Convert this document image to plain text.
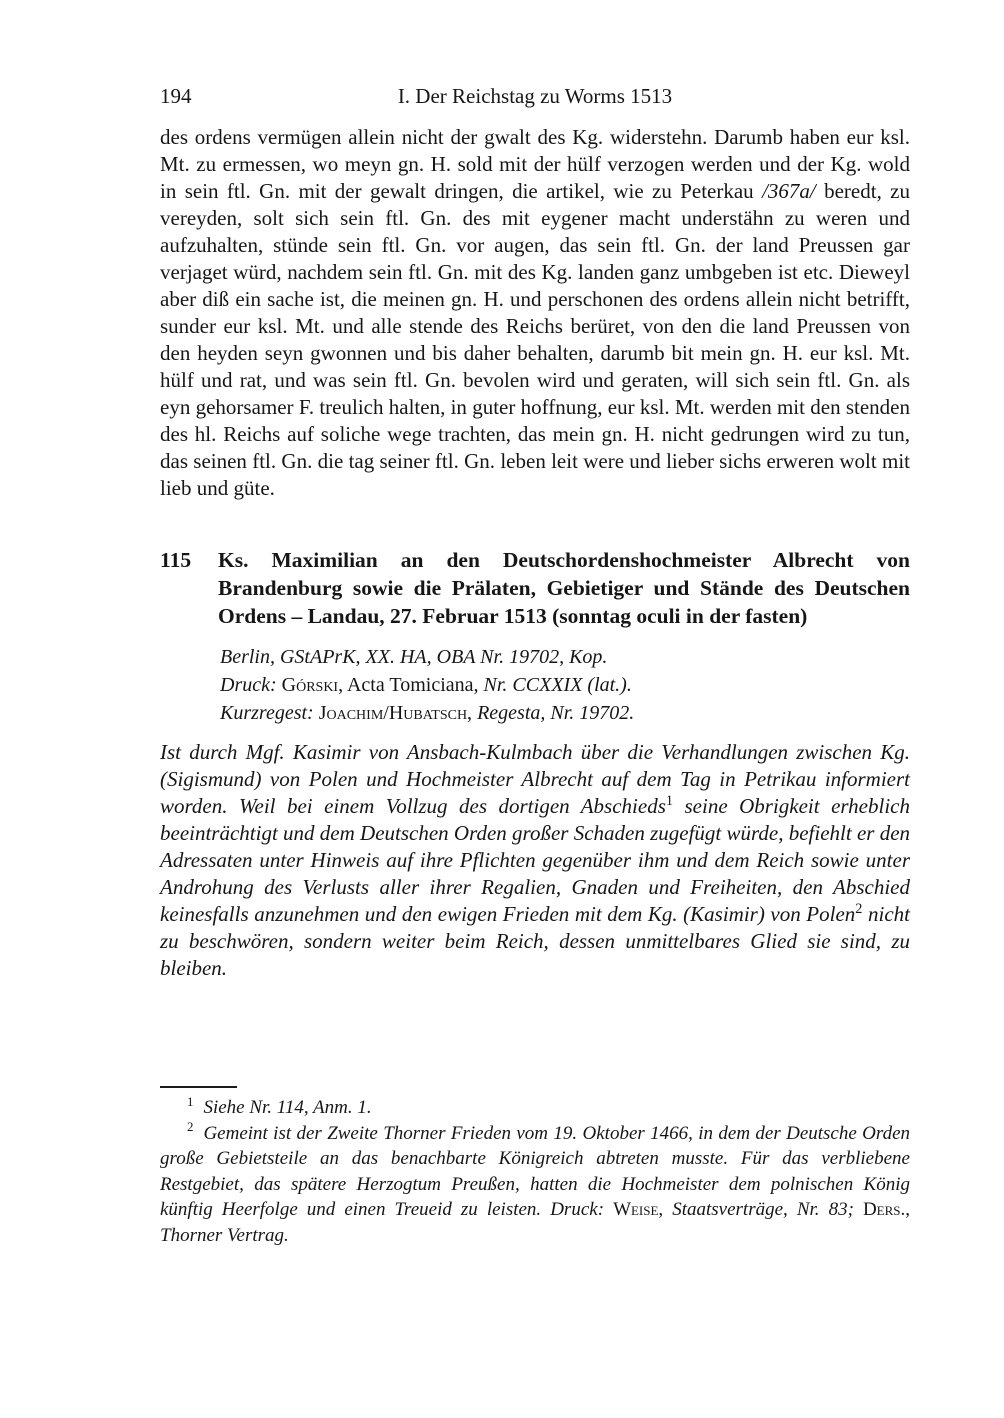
194	I. Der Reichstag zu Worms 1513

des ordens vermügen allein nicht der gwalt des Kg. widerstehn. Darumb haben eur ksl. Mt. zu ermessen, wo meyn gn. H. sold mit der hülf verzogen werden und der Kg. wold in sein ftl. Gn. mit der gewalt dringen, die artikel, wie zu Peterkau /367a/ beredt, zu vereyden, solt sich sein ftl. Gn. des mit eygener macht understähn zu weren und aufzuhalten, stünde sein ftl. Gn. vor augen, das sein ftl. Gn. der land Preussen gar verjaget würd, nachdem sein ftl. Gn. mit des Kg. landen ganz umbgeben ist etc. Dieweyl aber diß ein sache ist, die meinen gn. H. und perschonen des ordens allein nicht betrifft, sunder eur ksl. Mt. und alle stende des Reichs berüret, von den die land Preussen von den heyden seyn gwonnen und bis daher behalten, darumb bit mein gn. H. eur ksl. Mt. hülf und rat, und was sein ftl. Gn. bevolen wird und geraten, will sich sein ftl. Gn. als eyn gehorsamer F. treulich halten, in guter hoffnung, eur ksl. Mt. werden mit den stenden des hl. Reichs auf soliche wege trachten, das mein gn. H. nicht gedrungen wird zu tun, das seinen ftl. Gn. die tag seiner ftl. Gn. leben leit were und lieber sichs erweren wolt mit lieb und güte.

115	Ks. Maximilian an den Deutschordenshochmeister Albrecht von Brandenburg sowie die Prälaten, Gebietiger und Stände des Deutschen Ordens – Landau, 27. Februar 1513 (sonntag oculi in der fasten)

Berlin, GStAPrK, XX. HA, OBA Nr. 19702, Kop.

Druck: Górski, Acta Tomiciana, Nr. CCXXIX (lat.).

Kurzregest: Joachim/Hubatsch, Regesta, Nr. 19702.

Ist durch Mgf. Kasimir von Ansbach-Kulmbach über die Verhandlungen zwischen Kg. (Sigismund) von Polen und Hochmeister Albrecht auf dem Tag in Petrikau informiert worden. Weil bei einem Vollzug des dortigen Abschieds$^1$ seine Obrigkeit erheblich beeinträchtigt und dem Deutschen Orden großer Schaden zugefügt würde, befiehlt er den Adressaten unter Hinweis auf ihre Pflichten gegenüber ihm und dem Reich sowie unter Androhung des Verlusts aller ihrer Regalien, Gnaden und Freiheiten, den Abschied keinesfalls anzunehmen und den ewigen Frieden mit dem Kg. (Kasimir) von Polen$^2$ nicht zu beschwören, sondern weiter beim Reich, dessen unmittelbares Glied sie sind, zu bleiben.

$^1$ Siehe Nr. 114, Anm. 1.

$^2$ Gemeint ist der Zweite Thorner Frieden vom 19. Oktober 1466, in dem der Deutsche Orden große Gebietsteile an das benachbarte Königreich abtreten musste. Für das verbliebene Restgebiet, das spätere Herzogtum Preußen, hatten die Hochmeister dem polnischen König künftig Heerfolge und einen Treueid zu leisten. Druck: Weise, Staatsverträge, Nr. 83; Ders., Thorner Vertrag.
